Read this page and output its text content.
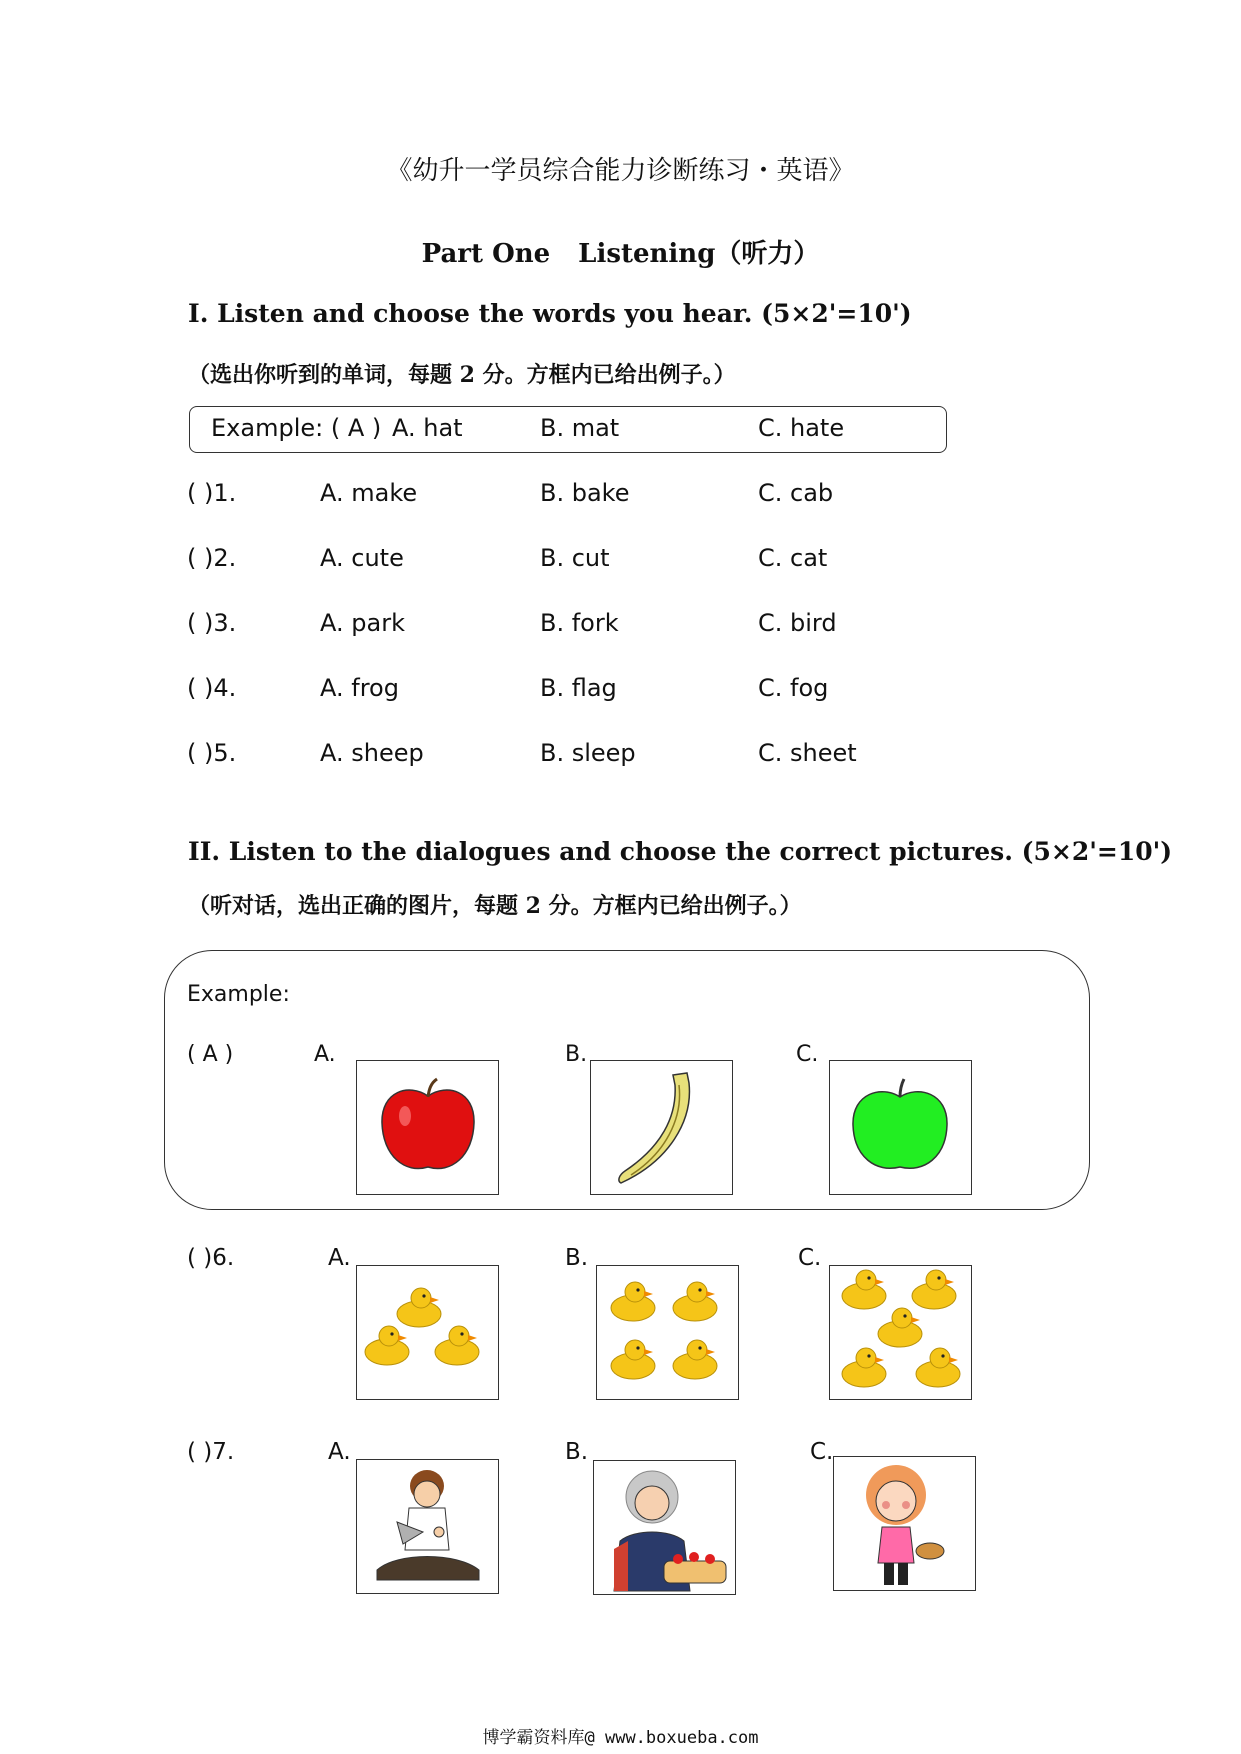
《幼升一学员综合能力诊断练习・英语》
Part One Listening（听力）
I. Listen and choose the words you hear. (5×2'=10')
（选出你听到的单词，每题 2 分。方框内已给出例子。）
Example: ( A ) A. hat	B. mat	C. hate
( )1.	A. make	B. bake	C. cab
( )2.	A. cute	B. cut	C. cat
( )3.	A. park	B. fork	C. bird
( )4.	A. frog	B. flag	C. fog
( )5.	A. sheep	B. sleep	C. sheet
II. Listen to the dialogues and choose the correct pictures. (5×2'=10')
（听对话，选出正确的图片，每题 2 分。方框内已给出例子。）
Example:
( A )	A.	B.	C.
( )6.	A.	B.	C.
( )7.	A.	B.	C.
博学霸资料库@ www.boxueba.com
